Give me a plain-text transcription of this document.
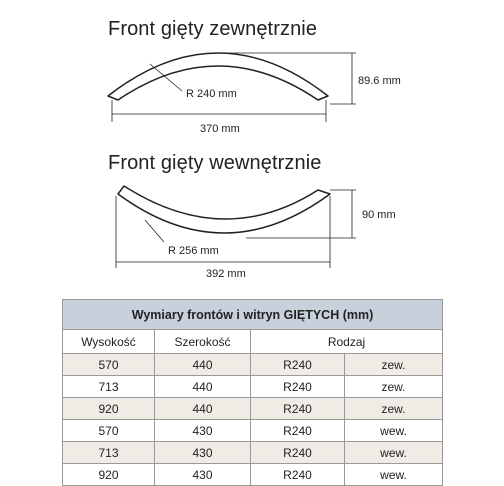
Front gięty zewnętrznie
Front gięty wewnętrznie
R 240 mm
370 mm
89.6 mm
R 256 mm
392 mm
90 mm
Wymiary frontów i witryn GIĘTYCH (mm)			
Wysokość	Szerokość	Rodzaj	
570	440	R240	zew.
713	440	R240	zew.
920	440	R240	zew.
570	430	R240	wew.
713	430	R240	wew.
920	430	R240	wew.
